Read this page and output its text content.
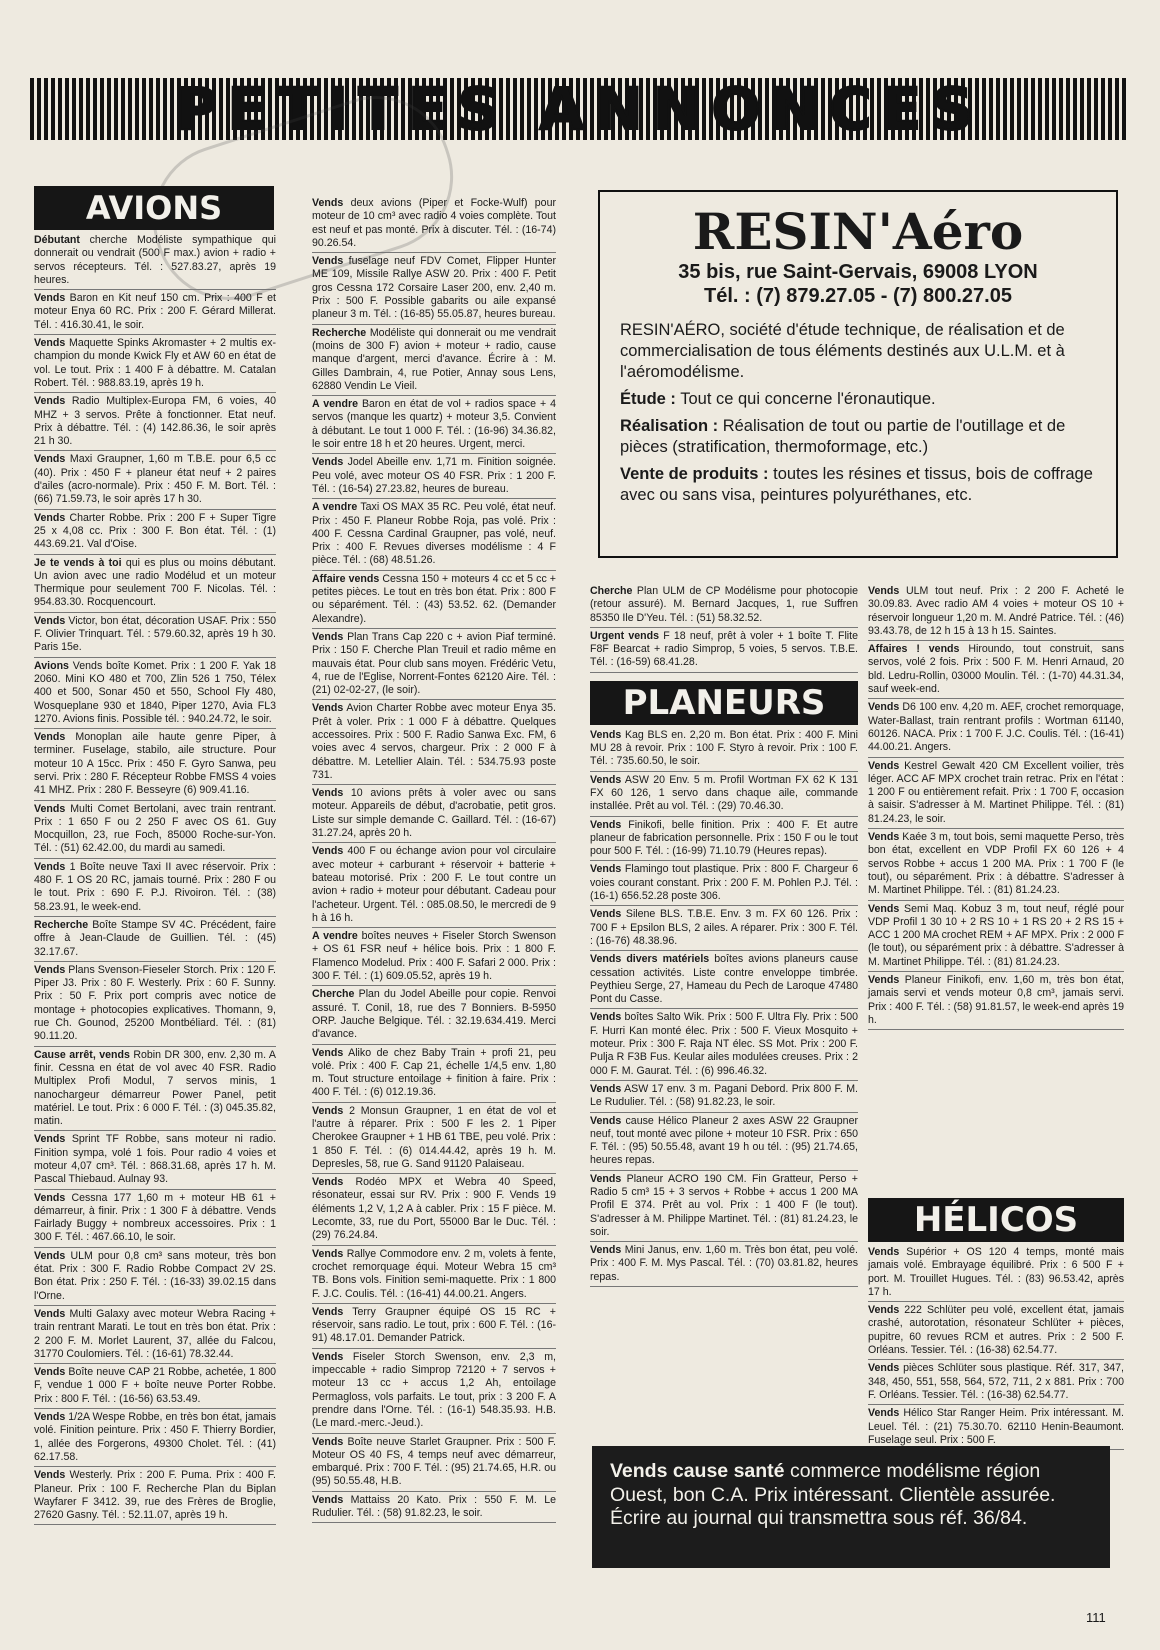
PETITES ANNONCES
AVIONS

Débutant cherche Modéliste sympathique qui donnerait ou vendrait (500 F max.) avion + radio + servos récepteurs. Tél. : 527.83.27, après 19 heures.

Vends Baron en Kit neuf 150 cm. Prix : 400 F et moteur Enya 60 RC. Prix : 200 F. Gérard Millerat. Tél. : 416.30.41, le soir.

Vends Maquette Spinks Akromaster + 2 multis ex-champion du monde Kwick Fly et AW 60 en état de vol. Le tout. Prix : 1 400 F à débattre. M. Catalan Robert. Tél. : 988.83.19, après 19 h.

Vends Radio Multiplex-Europa FM, 6 voies, 40 MHZ + 3 servos. Prête à fonctionner. Etat neuf. Prix à débattre. Tél. : (4) 142.86.36, le soir après 21 h 30.

Vends Maxi Graupner, 1,60 m T.B.E. pour 6,5 cc (40). Prix : 450 F + planeur état neuf + 2 paires d'ailes (acro-normale). Prix : 450 F. M. Bort. Tél. : (66) 71.59.73, le soir après 17 h 30.

Vends Charter Robbe. Prix : 200 F + Super Tigre 25 x 4,08 cc. Prix : 300 F. Bon état. Tél. : (1) 443.69.21. Val d'Oise.

Je te vends à toi qui es plus ou moins débutant. Un avion avec une radio Modélud et un moteur Thermique pour seulement 700 F. Nicolas. Tél. : 954.83.30. Rocquencourt.

Vends Victor, bon état, décoration USAF. Prix : 550 F. Olivier Trinquart. Tél. : 579.60.32, après 19 h 30. Paris 15e.

Avions Vends boîte Komet. Prix : 1 200 F. Yak 18 2060. Mini KO 480 et 700, Zlin 526 1 750, Télex 400 et 500, Sonar 450 et 550, School Fly 480, Wosqueplane 930 et 1840, Piper 1270, Avia FL3 1270. Avions finis. Possible tél. : 940.24.72, le soir.

Vends Monoplan aile haute genre Piper, à terminer. Fuselage, stabilo, aile structure. Pour moteur 10 A 15cc. Prix : 450 F. Gyro Sanwa, peu servi. Prix : 280 F. Récepteur Robbe FMSS 4 voies 41 MHZ. Prix : 280 F. Besseyre (6) 909.41.16.

Vends Multi Comet Bertolani, avec train rentrant. Prix : 1 650 F ou 2 250 F avec OS 61. Guy Mocquillon, 23, rue Foch, 85000 Roche-sur-Yon. Tél. : (51) 62.42.00, du mardi au samedi.

Vends 1 Boîte neuve Taxi II avec réservoir. Prix : 480 F. 1 OS 20 RC, jamais tourné. Prix : 280 F ou le tout. Prix : 690 F. P.J. Rivoiron. Tél. : (38) 58.23.91, le week-end.

Recherche Boîte Stampe SV 4C. Précédent, faire offre à Jean-Claude de Guillien. Tél. : (45) 32.17.67.

Vends Plans Svenson-Fieseler Storch. Prix : 120 F. Piper J3. Prix : 80 F. Westerly. Prix : 60 F. Sunny. Prix : 50 F. Prix port compris avec notice de montage + photocopies explicatives. Thomann, 9, rue Ch. Gounod, 25200 Montbéliard. Tél. : (81) 90.11.20.

Cause arrêt, vends Robin DR 300, env. 2,30 m. A finir. Cessna en état de vol avec 40 FSR. Radio Multiplex Profi Modul, 7 servos minis, 1 nanochargeur démarreur Power Panel, petit matériel. Le tout. Prix : 6 000 F. Tél. : (3) 045.35.82, matin.

Vends Sprint TF Robbe, sans moteur ni radio. Finition sympa, volé 1 fois. Pour radio 4 voies et moteur 4,07 cm³. Tél. : 868.31.68, après 17 h. M. Pascal Thiebaud. Aulnay 93.

Vends Cessna 177 1,60 m + moteur HB 61 + démarreur, à finir. Prix : 1 300 F à débattre. Vends Fairlady Buggy + nombreux accessoires. Prix : 1 300 F. Tél. : 467.66.10, le soir.

Vends ULM pour 0,8 cm³ sans moteur, très bon état. Prix : 300 F. Radio Robbe Compact 2V 2S. Bon état. Prix : 250 F. Tél. : (16-33) 39.02.15 dans l'Orne.

Vends Multi Galaxy avec moteur Webra Racing + train rentrant Marati. Le tout en très bon état. Prix : 2 200 F. M. Morlet Laurent, 37, allée du Falcou, 31770 Coulomiers. Tél. : (16-61) 78.32.44.

Vends Boîte neuve CAP 21 Robbe, achetée, 1 800 F, vendue 1 000 F + boîte neuve Porter Robbe. Prix : 800 F. Tél. : (16-56) 63.53.49.

Vends 1/2A Wespe Robbe, en très bon état, jamais volé. Finition peinture. Prix : 450 F. Thierry Bordier, 1, allée des Forgerons, 49300 Cholet. Tél. : (41) 62.17.58.

Vends Westerly. Prix : 200 F. Puma. Prix : 400 F. Planeur. Prix : 100 F. Recherche Plan du Biplan Wayfarer F 3412. 39, rue des Frères de Broglie, 27620 Gasny. Tél. : 52.11.07, après 19 h.

Vends deux avions (Piper et Focke-Wulf) pour moteur de 10 cm³ avec radio 4 voies complète. Tout est neuf et pas monté. Prix à discuter. Tél. : (16-74) 90.26.54.

Vends fuselage neuf FDV Comet, Flipper Hunter ME 109, Missile Rallye ASW 20. Prix : 400 F. Petit gros Cessna 172 Corsaire Laser 200, env. 2,40 m. Prix : 500 F. Possible gabarits ou aile expansé planeur 3 m. Tél. : (16-85) 55.05.87, heures bureau.

Recherche Modéliste qui donnerait ou me vendrait (moins de 300 F) avion + moteur + radio, cause manque d'argent, merci d'avance. Écrire à : M. Gilles Dambrain, 4, rue Potier, Annay sous Lens, 62880 Vendin Le Vieil.

A vendre Baron en état de vol + radios space + 4 servos (manque les quartz) + moteur 3,5. Convient à débutant. Le tout 1 000 F. Tél. : (16-96) 34.36.82, le soir entre 18 h et 20 heures. Urgent, merci.

Vends Jodel Abeille env. 1,71 m. Finition soignée. Peu volé, avec moteur OS 40 FSR. Prix : 1 200 F. Tél. : (16-54) 27.23.82, heures de bureau.

A vendre Taxi OS MAX 35 RC. Peu volé, état neuf. Prix : 450 F. Planeur Robbe Roja, pas volé. Prix : 400 F. Cessna Cardinal Graupner, pas volé, neuf. Prix : 400 F. Revues diverses modélisme : 4 F pièce. Tél. : (68) 48.51.26.

Affaire vends Cessna 150 + moteurs 4 cc et 5 cc + petites pièces. Le tout en très bon état. Prix : 800 F ou séparément. Tél. : (43) 53.52. 62. (Demander Alexandre).

Vends Plan Trans Cap 220 c + avion Piaf terminé. Prix : 150 F. Cherche Plan Treuil et radio même en mauvais état. Pour club sans moyen. Frédéric Vetu, 4, rue de l'Eglise, Norrent-Fontes 62120 Aire. Tél. : (21) 02-02-27, (le soir).

Vends Avion Charter Robbe avec moteur Enya 35. Prêt à voler. Prix : 1 000 F à débattre. Quelques accessoires. Prix : 500 F. Radio Sanwa Exc. FM, 6 voies avec 4 servos, chargeur. Prix : 2 000 F à débattre. M. Letellier Alain. Tél. : 534.75.93 poste 731.

Vends 10 avions prêts à voler avec ou sans moteur. Appareils de début, d'acrobatie, petit gros. Liste sur simple demande C. Gaillard. Tél. : (16-67) 31.27.24, après 20 h.

Vends 400 F ou échange avion pour vol circulaire avec moteur + carburant + réservoir + batterie + bateau motorisé. Prix : 200 F. Le tout contre un avion + radio + moteur pour débutant. Cadeau pour l'acheteur. Urgent. Tél. : 085.08.50, le mercredi de 9 h à 16 h.

A vendre boîtes neuves + Fiseler Storch Swenson + OS 61 FSR neuf + hélice bois. Prix : 1 800 F. Flamenco Modelud. Prix : 400 F. Safari 2 000. Prix : 300 F. Tél. : (1) 609.05.52, après 19 h.

Cherche Plan du Jodel Abeille pour copie. Renvoi assuré. T. Conil, 18, rue des 7 Bonniers. B-5950 ORP. Jauche Belgique. Tél. : 32.19.634.419. Merci d'avance.

Vends Aliko de chez Baby Train + profi 21, peu volé. Prix : 400 F. Cap 21, échelle 1/4,5 env. 1,80 m. Tout structure entoilage + finition à faire. Prix : 400 F. Tél. : (6) 012.19.36.

Vends 2 Monsun Graupner, 1 en état de vol et l'autre à réparer. Prix : 500 F les 2. 1 Piper Cherokee Graupner + 1 HB 61 TBE, peu volé. Prix : 1 850 F. Tél. : (6) 014.44.42, après 19 h. M. Depresles, 58, rue G. Sand 91120 Palaiseau.

Vends Rodéo MPX et Webra 40 Speed, résonateur, essai sur RV. Prix : 900 F. Vends 19 éléments 1,2 V, 1,2 A à cabler. Prix : 15 F pièce. M. Lecomte, 33, rue du Port, 55000 Bar le Duc. Tél. : (29) 76.24.84.

Vends Rallye Commodore env. 2 m, volets à fente, crochet remorquage équi. Moteur Webra 15 cm³ TB. Bons vols. Finition semi-maquette. Prix : 1 800 F. J.C. Coulis. Tél. : (16-41) 44.00.21. Angers.

Vends Terry Graupner équipé OS 15 RC + réservoir, sans radio. Le tout, prix : 600 F. Tél. : (16-91) 48.17.01. Demander Patrick.

Vends Fiseler Storch Swenson, env. 2,3 m, impeccable + radio Simprop 72120 + 7 servos + moteur 13 cc + accus 1,2 Ah, entoilage Permagloss, vols parfaits. Le tout, prix : 3 200 F. A prendre dans l'Orne. Tél. : (16-1) 548.35.93. H.B. (Le mard.-merc.-Jeud.).

Vends Boîte neuve Starlet Graupner. Prix : 500 F. Moteur OS 40 FS, 4 temps neuf avec démarreur, embarqué. Prix : 700 F. Tél. : (95) 21.74.65, H.R. ou (95) 50.55.48, H.B.

Vends Mattaiss 20 Kato. Prix : 550 F. M. Le Rudulier. Tél. : (58) 91.82.23, le soir.

RESIN'Aéro
35 bis, rue Saint-Gervais, 69008 LYON
Tél. : (7) 879.27.05 - (7) 800.27.05

RESIN'AÉRO, société d'étude technique, de réalisation et de commercialisation de tous éléments destinés aux U.L.M. et à l'aéromodélisme.

Étude : Tout ce qui concerne l'éronautique.

Réalisation : Réalisation de tout ou partie de l'outillage et de pièces (stratification, thermoformage, etc.)

Vente de produits : toutes les résines et tissus, bois de coffrage avec ou sans visa, peintures polyuréthanes, etc.

Cherche Plan ULM de CP Modélisme pour photocopie (retour assuré). M. Bernard Jacques, 1, rue Suffren 85350 Ile D'Yeu. Tél. : (51) 58.32.52.

Urgent vends F 18 neuf, prêt à voler + 1 boîte T. Flite F8F Bearcat + radio Simprop, 5 voies, 5 servos. T.B.E. Tél. : (16-59) 68.41.28.

PLANEURS

Vends Kag BLS en. 2,20 m. Bon état. Prix : 400 F. Mini MU 28 à revoir. Prix : 100 F. Styro à revoir. Prix : 100 F. Tél. : 735.60.50, le soir.

Vends ASW 20 Env. 5 m. Profil Wortman FX 62 K 131 FX 60 126, 1 servo dans chaque aile, commande installée. Prêt au vol. Tél. : (29) 70.46.30.

Vends Finikofi, belle finition. Prix : 400 F. Et autre planeur de fabrication personnelle. Prix : 150 F ou le tout pour 500 F. Tél. : (16-99) 71.10.79 (Heures repas).

Vends Flamingo tout plastique. Prix : 800 F. Chargeur 6 voies courant constant. Prix : 200 F. M. Pohlen P.J. Tél. : (16-1) 656.52.28 poste 306.

Vends Silene BLS. T.B.E. Env. 3 m. FX 60 126. Prix : 700 F + Epsilon BLS, 2 ailes. A réparer. Prix : 300 F. Tél. : (16-76) 48.38.96.

Vends divers matériels boîtes avions planeurs cause cessation activités. Liste contre enveloppe timbrée. Peythieu Serge, 27, Hameau du Pech de Laroque 47480 Pont du Casse.

Vends boîtes Salto Wik. Prix : 500 F. Ultra Fly. Prix : 500 F. Hurri Kan monté élec. Prix : 500 F. Vieux Mosquito + moteur. Prix : 300 F. Raja NT élec. SS Mot. Prix : 200 F. Pulja R F3B Fus. Keular ailes modulées creuses. Prix : 2 000 F. M. Gaurat. Tél. : (6) 996.46.32.

Vends ASW 17 env. 3 m. Pagani Debord. Prix 800 F. M. Le Rudulier. Tél. : (58) 91.82.23, le soir.

Vends cause Hélico Planeur 2 axes ASW 22 Graupner neuf, tout monté avec pilone + moteur 10 FSR. Prix : 650 F. Tél. : (95) 50.55.48, avant 19 h ou tél. : (95) 21.74.65, heures repas.

Vends Planeur ACRO 190 CM. Fin Gratteur, Perso + Radio 5 cm³ 15 + 3 servos + Robbe + accus 1 200 MA Profil E 374. Prêt au vol. Prix : 1 400 F (le tout). S'adresser à M. Philippe Martinet. Tél. : (81) 81.24.23, le soir.

Vends Mini Janus, env. 1,60 m. Très bon état, peu volé. Prix : 400 F. M. Mys Pascal. Tél. : (70) 03.81.82, heures repas.

Vends ULM tout neuf. Prix : 2 200 F. Acheté le 30.09.83. Avec radio AM 4 voies + moteur OS 10 + réservoir longueur 1,20 m. M. André Patrice. Tél. : (46) 93.43.78, de 12 h 15 à 13 h 15. Saintes.

Affaires ! vends Hiroundo, tout construit, sans servos, volé 2 fois. Prix : 500 F. M. Henri Arnaud, 20 bld. Ledru-Rollin, 03000 Moulin. Tél. : (1-70) 44.31.34, sauf week-end.

Vends D6 100 env. 4,20 m. AEF, crochet remorquage, Water-Ballast, train rentrant profils : Wortman 61140, 60126. NACA. Prix : 1 700 F. J.C. Coulis. Tél. : (16-41) 44.00.21. Angers.

Vends Kestrel Gewalt 420 CM Excellent voilier, très léger. ACC AF MPX crochet train retrac. Prix en l'état : 1 200 F ou entièrement refait. Prix : 1 700 F, occasion à saisir. S'adresser à M. Martinet Philippe. Tél. : (81) 81.24.23, le soir.

Vends Kaée 3 m, tout bois, semi maquette Perso, très bon état, excellent en VDP Profil FX 60 126 + 4 servos Robbe + accus 1 200 MA. Prix : 1 700 F (le tout), ou séparément. Prix : à débattre. S'adresser à M. Martinet Philippe. Tél. : (81) 81.24.23.

Vends Semi Maq. Kobuz 3 m, tout neuf, réglé pour VDP Profil 1 30 10 + 2 RS 10 + 1 RS 20 + 2 RS 15 + ACC 1 200 MA crochet REM + AF MPX. Prix : 2 000 F (le tout), ou séparément prix : à débattre. S'adresser à M. Martinet Philippe. Tél. : (81) 81.24.23.

Vends Planeur Finikofi, env. 1,60 m, très bon état, jamais servi et vends moteur 0,8 cm³, jamais servi. Prix : 400 F. Tél. : (58) 91.81.57, le week-end après 19 h.

HÉLICOS

Vends Supérior + OS 120 4 temps, monté mais jamais volé. Embrayage équilibré. Prix : 6 500 F + port. M. Trouillet Hugues. Tél. : (83) 96.53.42, après 17 h.

Vends 222 Schlüter peu volé, excellent état, jamais crashé, autorotation, résonateur Schlüter + pièces, pupitre, 60 revues RCM et autres. Prix : 2 500 F. Orléans. Tessier. Tél. : (16-38) 62.54.77.

Vends pièces Schlüter sous plastique. Réf. 317, 347, 348, 450, 551, 558, 564, 572, 711, 2 x 881. Prix : 700 F. Orléans. Tessier. Tél. : (16-38) 62.54.77.

Vends Hélico Star Ranger Heim. Prix intéressant. M. Leuel. Tél. : (21) 75.30.70. 62110 Henin-Beaumont. Fuselage seul. Prix : 500 F.

Vends cause santé commerce modélisme région Ouest, bon C.A. Prix intéressant. Clientèle assurée. Écrire au journal qui transmettra sous réf. 36/84.
111
